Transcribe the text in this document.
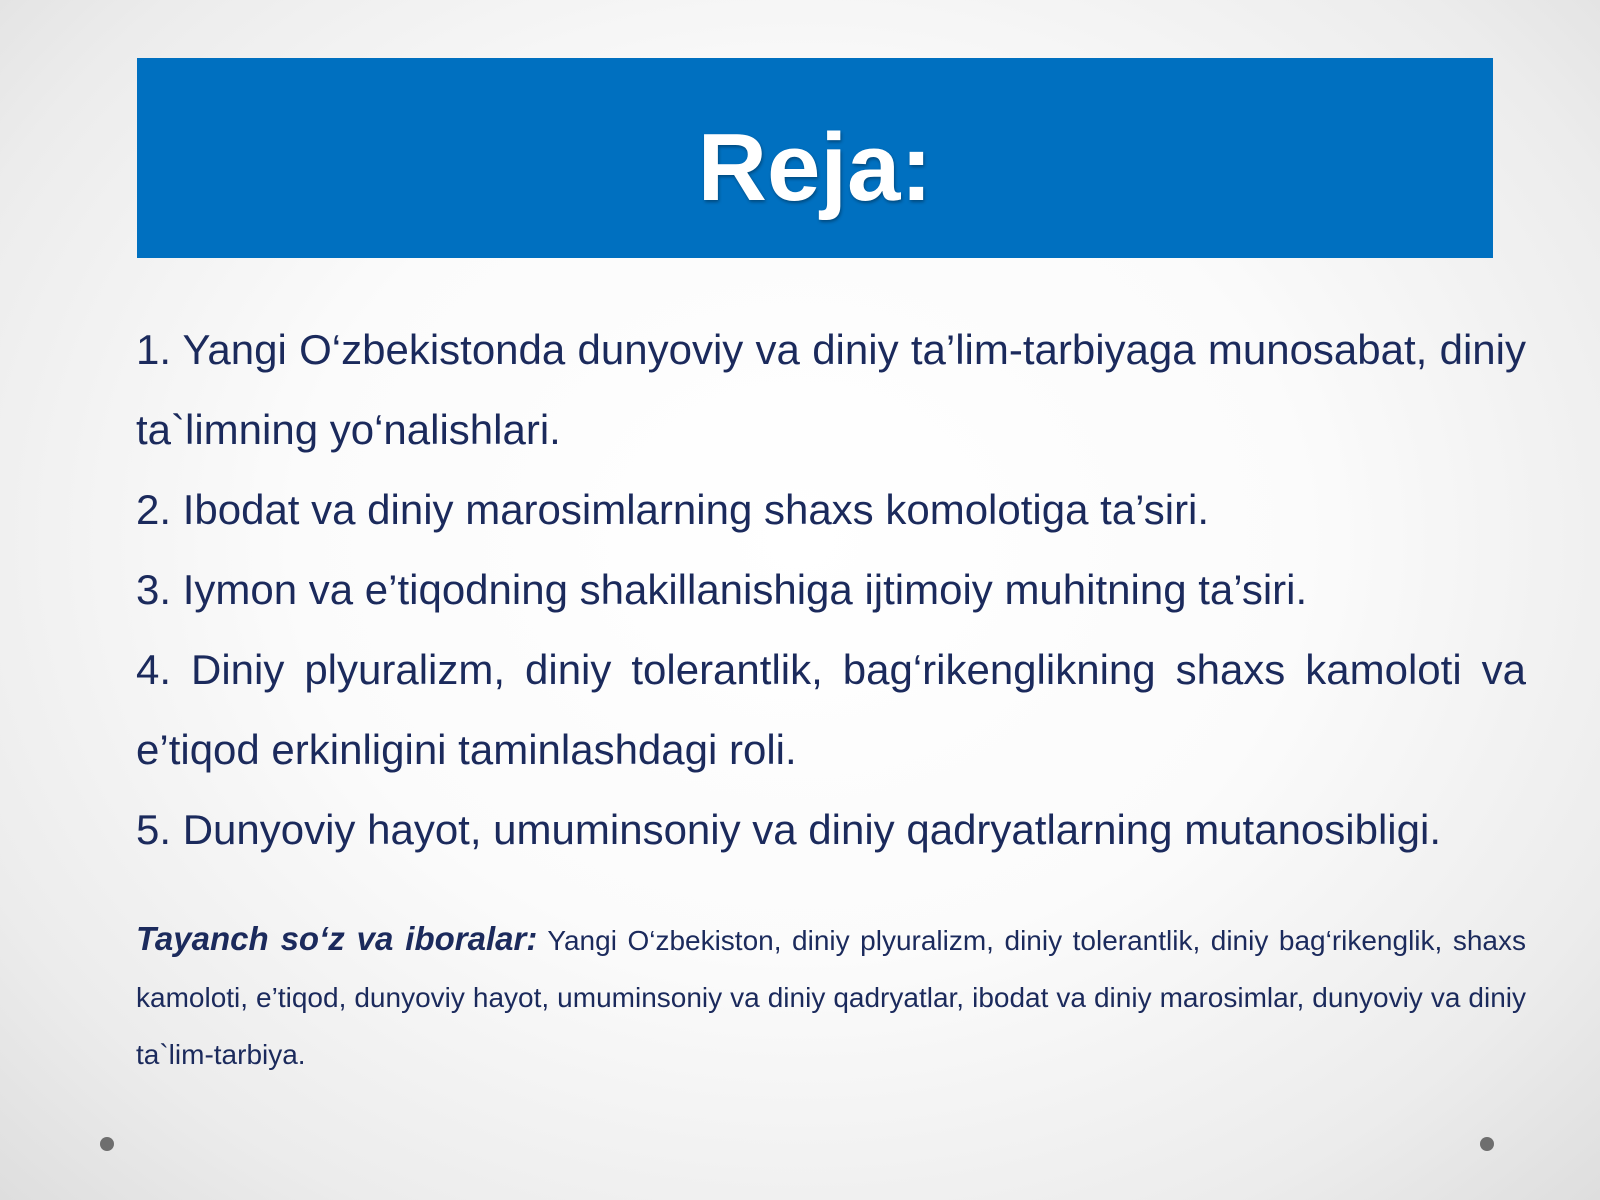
Reja:
1. Yangi O‘zbekistonda dunyoviy va diniy ta’lim-tarbiyaga munosabat, diniy ta`limning yo‘nalishlari.
2. Ibodat va diniy marosimlarning shaxs komolotiga ta’siri.
3. Iymon va e’tiqodning shakillanishiga ijtimoiy muhitning ta’siri.
4. Diniy plyuralizm, diniy tolerantlik, bag‘rikenglikning shaxs kamoloti va e’tiqod erkinligini taminlashdagi roli.
5. Dunyoviy hayot, umuminsoniy va diniy qadryatlarning mutanosibligi.

Tayanch so‘z va iboralar: Yangi O‘zbekiston, diniy plyuralizm, diniy tolerantlik, diniy bag‘rikenglik, shaxs kamoloti, e’tiqod, dunyoviy hayot, umuminsoniy va diniy qadryatlar, ibodat va diniy marosimlar, dunyoviy va diniy ta`lim-tarbiya.
